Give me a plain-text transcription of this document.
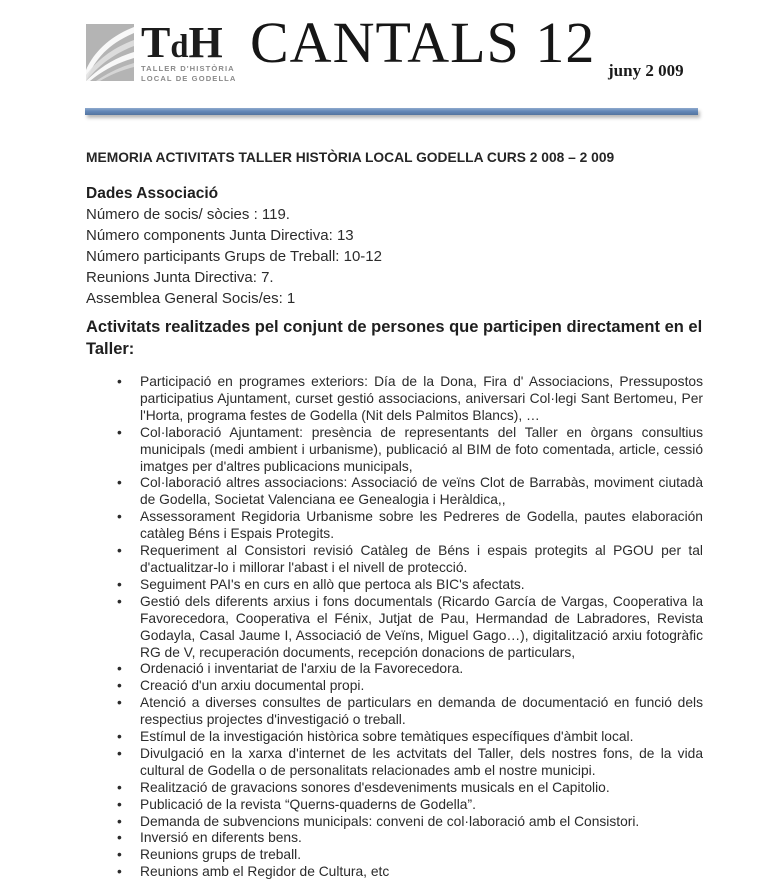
TdH
TALLER D'HISTÒRIA
LOCAL DE GODELLA
CANTALS 12 juny 2 009
MEMORIA ACTIVITATS TALLER HISTÒRIA LOCAL GODELLA CURS 2 008 – 2 009
Dades Associació
Número de socis/ sòcies : 119.
Número components Junta Directiva: 13
Número participants Grups de Treball: 10-12
Reunions Junta Directiva: 7.
Assemblea General Socis/es: 1
Activitats realitzades pel conjunt de persones que participen directament en el Taller:
• Participació en programes exteriors: Día de la Dona, Fira d' Associacions, Pressupostos participatius Ajuntament, curset gestió associacions, aniversari Col·legi Sant Bertomeu, Per l'Horta, programa festes de Godella (Nit dels Palmitos Blancs), …
• Col·laboració Ajuntament: presència de representants del Taller en òrgans consultius municipals (medi ambient i urbanisme), publicació al BIM de foto comentada, article, cessió imatges per d'altres publicacions municipals,
• Col·laboració altres associacions: Associació de veïns Clot de Barrabàs, moviment ciutadà de Godella, Societat Valenciana ee Genealogia i Heràldica,,
• Assessorament Regidoria Urbanisme sobre les Pedreres de Godella, pautes elaboración catàleg Béns i Espais Protegits.
• Requeriment al Consistori revisió Catàleg de Béns i espais protegits al PGOU per tal d'actualitzar-lo i millorar l'abast i el nivell de protecció.
• Seguiment PAI's en curs en allò que pertoca als BIC's afectats.
• Gestió dels diferents arxius i fons documentals (Ricardo García de Vargas, Cooperativa la Favorecedora, Cooperativa el Fénix, Jutjat de Pau, Hermandad de Labradores, Revista Godayla, Casal Jaume I, Associació de Veïns, Miguel Gago…), digitalització arxiu fotogràfic RG de V, recuperación documents, recepción donacions de particulars,
• Ordenació i inventariat de l'arxiu de la Favorecedora.
• Creació d'un arxiu documental propi.
• Atenció a diverses consultes de particulars en demanda de documentació en funció dels respectius projectes d'investigació o treball.
• Estímul de la investigación històrica sobre temàtiques específiques d'àmbit local.
• Divulgació en la xarxa d'internet de les actvitats del Taller, dels nostres fons, de la vida cultural de Godella o de personalitats relacionades amb el nostre municipi.
• Realització de gravacions sonores d'esdeveniments musicals en el Capitolio.
• Publicació de la revista “Querns-quaderns de Godella”.
• Demanda de subvencions municipals: conveni de col·laboració amb el Consistori.
• Inversió en diferents bens.
• Reunions grups de treball.
• Reunions amb el Regidor de Cultura, etc
